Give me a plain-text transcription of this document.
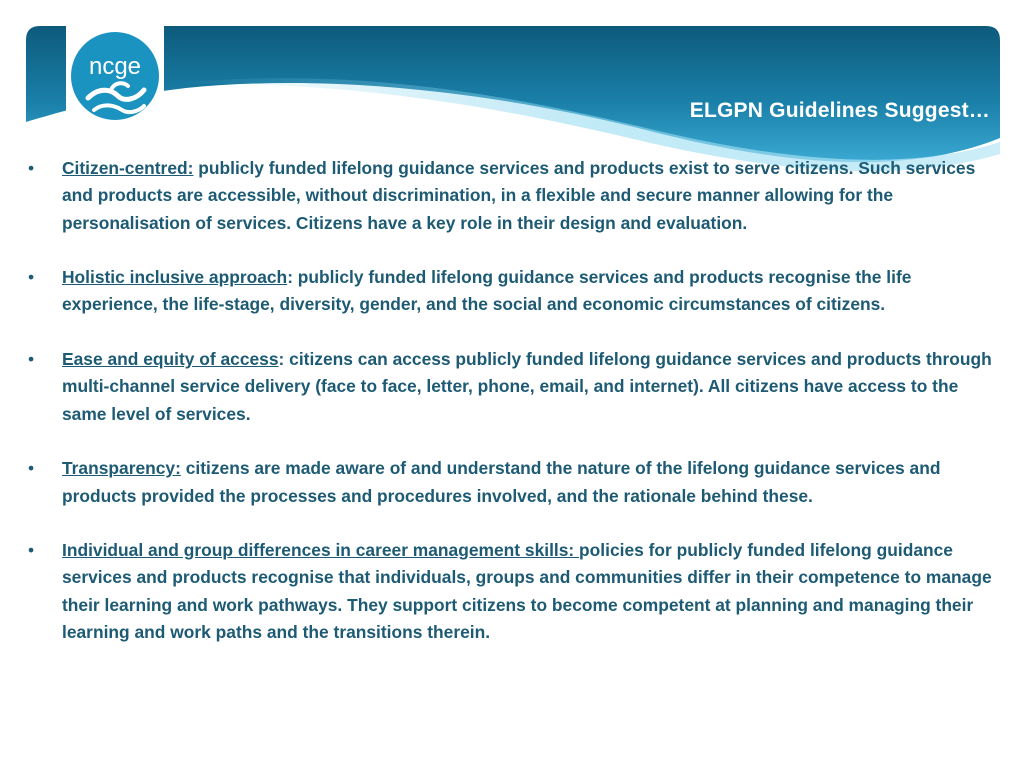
ncge
ELGPN Guidelines Suggest…
• Citizen-centred: publicly funded lifelong guidance services and products exist to serve citizens. Such services and products are accessible, without discrimination, in a flexible and secure manner allowing for the personalisation of services. Citizens have a key role in their design and evaluation.
• Holistic inclusive approach: publicly funded lifelong guidance services and products recognise the life experience, the life-stage, diversity, gender, and the social and economic circumstances of citizens.
• Ease and equity of access: citizens can access publicly funded lifelong guidance services and products through multi-channel service delivery (face to face, letter, phone, email, and internet). All citizens have access to the same level of services.
• Transparency: citizens are made aware of and understand the nature of the lifelong guidance services and products provided the processes and procedures involved, and the rationale behind these.
• Individual and group differences in career management skills: policies for publicly funded lifelong guidance services and products recognise that individuals, groups and communities differ in their competence to manage their learning and work pathways. They support citizens to become competent at planning and managing their learning and work paths and the transitions therein.
